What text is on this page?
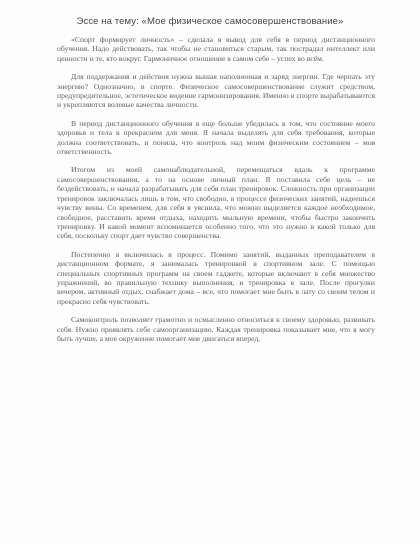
Эссе на тему: «Мое физическое самосовершенствование»

«Спорт формирует личность» – сделала я вывод для себя в период дистанционного обучения. Надо действовать, так чтобы не становиться старым, так пострадал интеллект или ценности и те, кто вокруг. Гармоничное отношение в самом себе – успех во всём.

Для поддержания и действия нужна вышая наполненная и заряд энергии. Где черпать эту энергию? Однозначно, в спорте. Физическое самосовершенствование служит средством, предупредительное, эстетическое видение гармонизирования. Именно в спорте вырабатываются и укрепляются волевые качества личности.

В период дистанционного обучения я еще больше убедилась в том, что состояние моего здоровья и тела в прекрасном для меня. Я начала выделять для себя требования, которые должна соответствовать, и поняла, что контроль над моим физическим состоянием – моя ответственность.

Итогом из моей самонаблюдательной, перемещаться вдаль к программе самосовершенствования, а то на основе личный план. Я поставила себе цель – не бездействовать, и начала разрабатывать для себя план тренировок. Сложность при организации тренировок заключалась лишь в том, что свободно, в процессе физических занятий, надеешься чувству вины. Со временем, для себя я уяснила, что можно выделяется каждое необходимое, свободное, расставить время отдыха, находить мыльную времени, чтобы быстро закончить тренировку. И какой момент вспоминается особенно того, что это нужно в какой только для себя, поскольку спорт дает чувство совершенства.

Постепенно я включилась в процесс. Помимо занятий, выданных преподавателем в дистанционном формате, я занималась тренировкой в спортивном зале. С помощью специальных спортивных программ на своем гаджете, которые включают в себя множество упражнений, во правильную технику выполнения, и тренировка в зале. После прогулки вечером, активный отдых, снабжает дома – все, что помогает мне быть в лату со своим телом и прекрасно себя чувствовать.

Самоконтроль позволяет грамотно и осмысленно относиться к своему здоровью, развивать себя. Нужно проявлять себе самоорганизацию. Каждая тренировка показывает мне, что я могу быть лучше, а мое окружение помогает мне двигаться вперед.
